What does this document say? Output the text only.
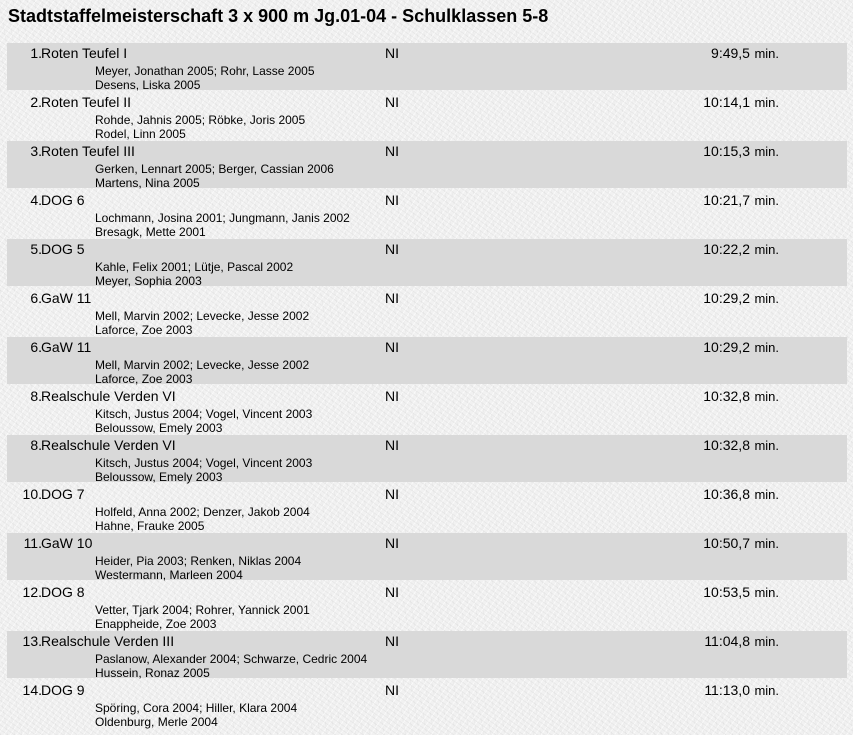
Stadtstaffelmeisterschaft 3 x 900 m Jg.01-04 - Schulklassen 5-8
1. Roten Teufel I	NI	9:49,5 min.
Meyer, Jonathan 2005; Rohr, Lasse 2005
Desens, Liska 2005
2. Roten Teufel II	NI	10:14,1 min.
Rohde, Jahnis 2005; Röbke, Joris 2005
Rodel, Linn 2005
3. Roten Teufel III	NI	10:15,3 min.
Gerken, Lennart 2005; Berger, Cassian 2006
Martens, Nina 2005
4. DOG 6	NI	10:21,7 min.
Lochmann, Josina 2001; Jungmann, Janis 2002
Bresagk, Mette 2001
5. DOG 5	NI	10:22,2 min.
Kahle, Felix 2001; Lütje, Pascal 2002
Meyer, Sophia 2003
6. GaW 11	NI	10:29,2 min.
Mell, Marvin 2002; Levecke, Jesse 2002
Laforce, Zoe 2003
6. GaW 11	NI	10:29,2 min.
Mell, Marvin 2002; Levecke, Jesse 2002
Laforce, Zoe 2003
8. Realschule Verden VI	NI	10:32,8 min.
Kitsch, Justus 2004; Vogel, Vincent 2003
Beloussow, Emely 2003
8. Realschule Verden VI	NI	10:32,8 min.
Kitsch, Justus 2004; Vogel, Vincent 2003
Beloussow, Emely 2003
10. DOG 7	NI	10:36,8 min.
Holfeld, Anna 2002; Denzer, Jakob 2004
Hahne, Frauke 2005
11. GaW 10	NI	10:50,7 min.
Heider, Pia 2003; Renken, Niklas 2004
Westermann, Marleen 2004
12. DOG 8	NI	10:53,5 min.
Vetter, Tjark 2004; Rohrer, Yannick 2001
Enappheide, Zoe 2003
13. Realschule Verden III	NI	11:04,8 min.
Paslanow, Alexander 2004; Schwarze, Cedric 2004
Hussein, Ronaz 2005
14. DOG 9	NI	11:13,0 min.
Spöring, Cora 2004; Hiller, Klara 2004
Oldenburg, Merle 2004
